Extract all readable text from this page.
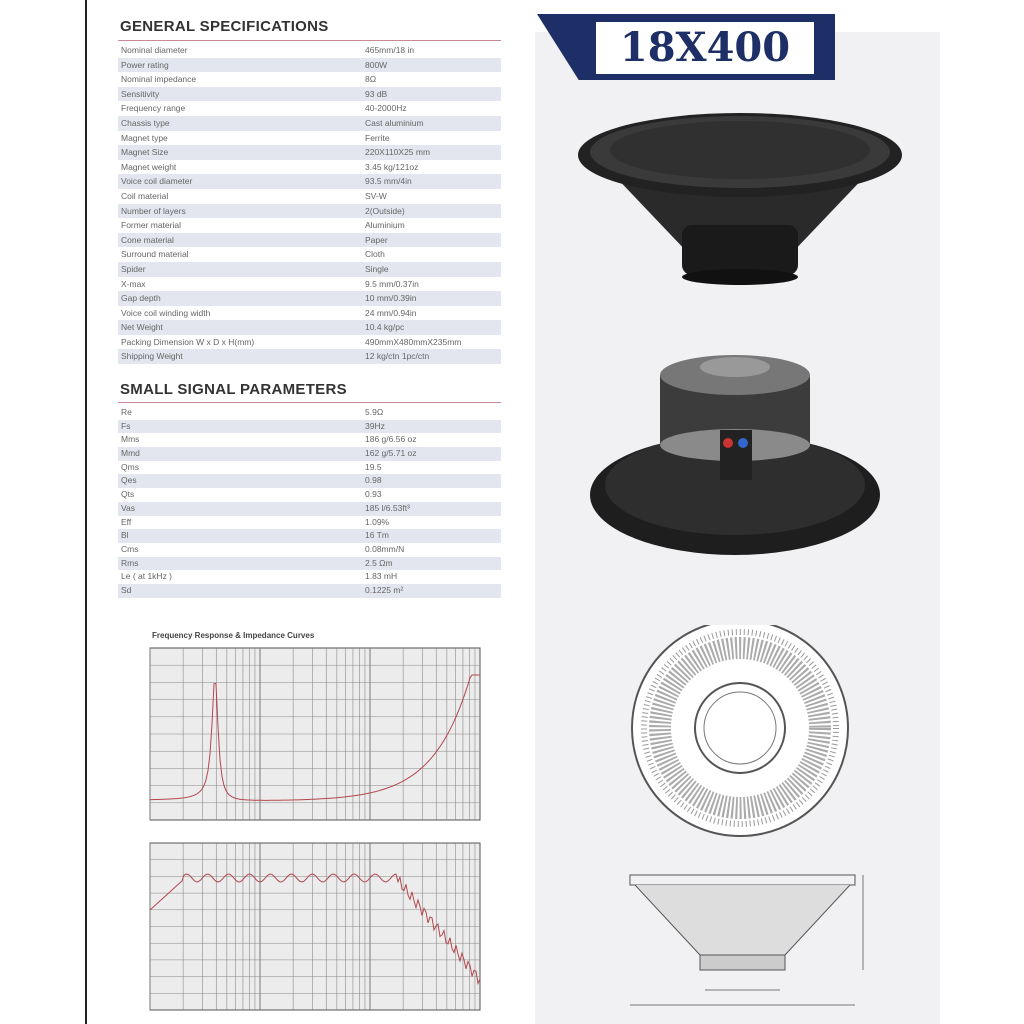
GENERAL SPECIFICATIONS
Nominal diameter	465mm/18 in
Power rating	800W
Nominal impedance	8Ω
Sensitivity	93 dB
Frequency range	40-2000Hz
Chassis type	Cast aluminium
Magnet type	Ferrite
Magnet Size	220X110X25 mm
Magnet weight	3.45 kg/121oz
Voice coil diameter	93.5 mm/4in
Coil material	SV-W
Number of layers	2(Outside)
Former material	Aluminium
Cone material	Paper
Surround material	Cloth
Spider	Single
X-max	9.5 mm/0.37in
Gap depth	10 mm/0.39in
Voice coil winding width	24 mm/0.94in
Net Weight	10.4 kg/pc
Packing Dimension W x D x H(mm)	490mmX480mmX235mm
Shipping Weight	12 kg/ctn 1pc/ctn
SMALL SIGNAL PARAMETERS
Re	5.9Ω
Fs	39Hz
Mms	186 g/6.56 oz
Mmd	162 g/5.71 oz
Qms	19.5
Qes	0.98
Qts	0.93
Vas	185 l/6.53ft³
Eff	1.09%
Bl	16 Tm
Cms	0.08mm/N
Rms	2.5 Ωm
Le ( at 1kHz )	1.83 mH
Sd	0.1225 m²
Frequency Response & Impedance Curves
18X400
